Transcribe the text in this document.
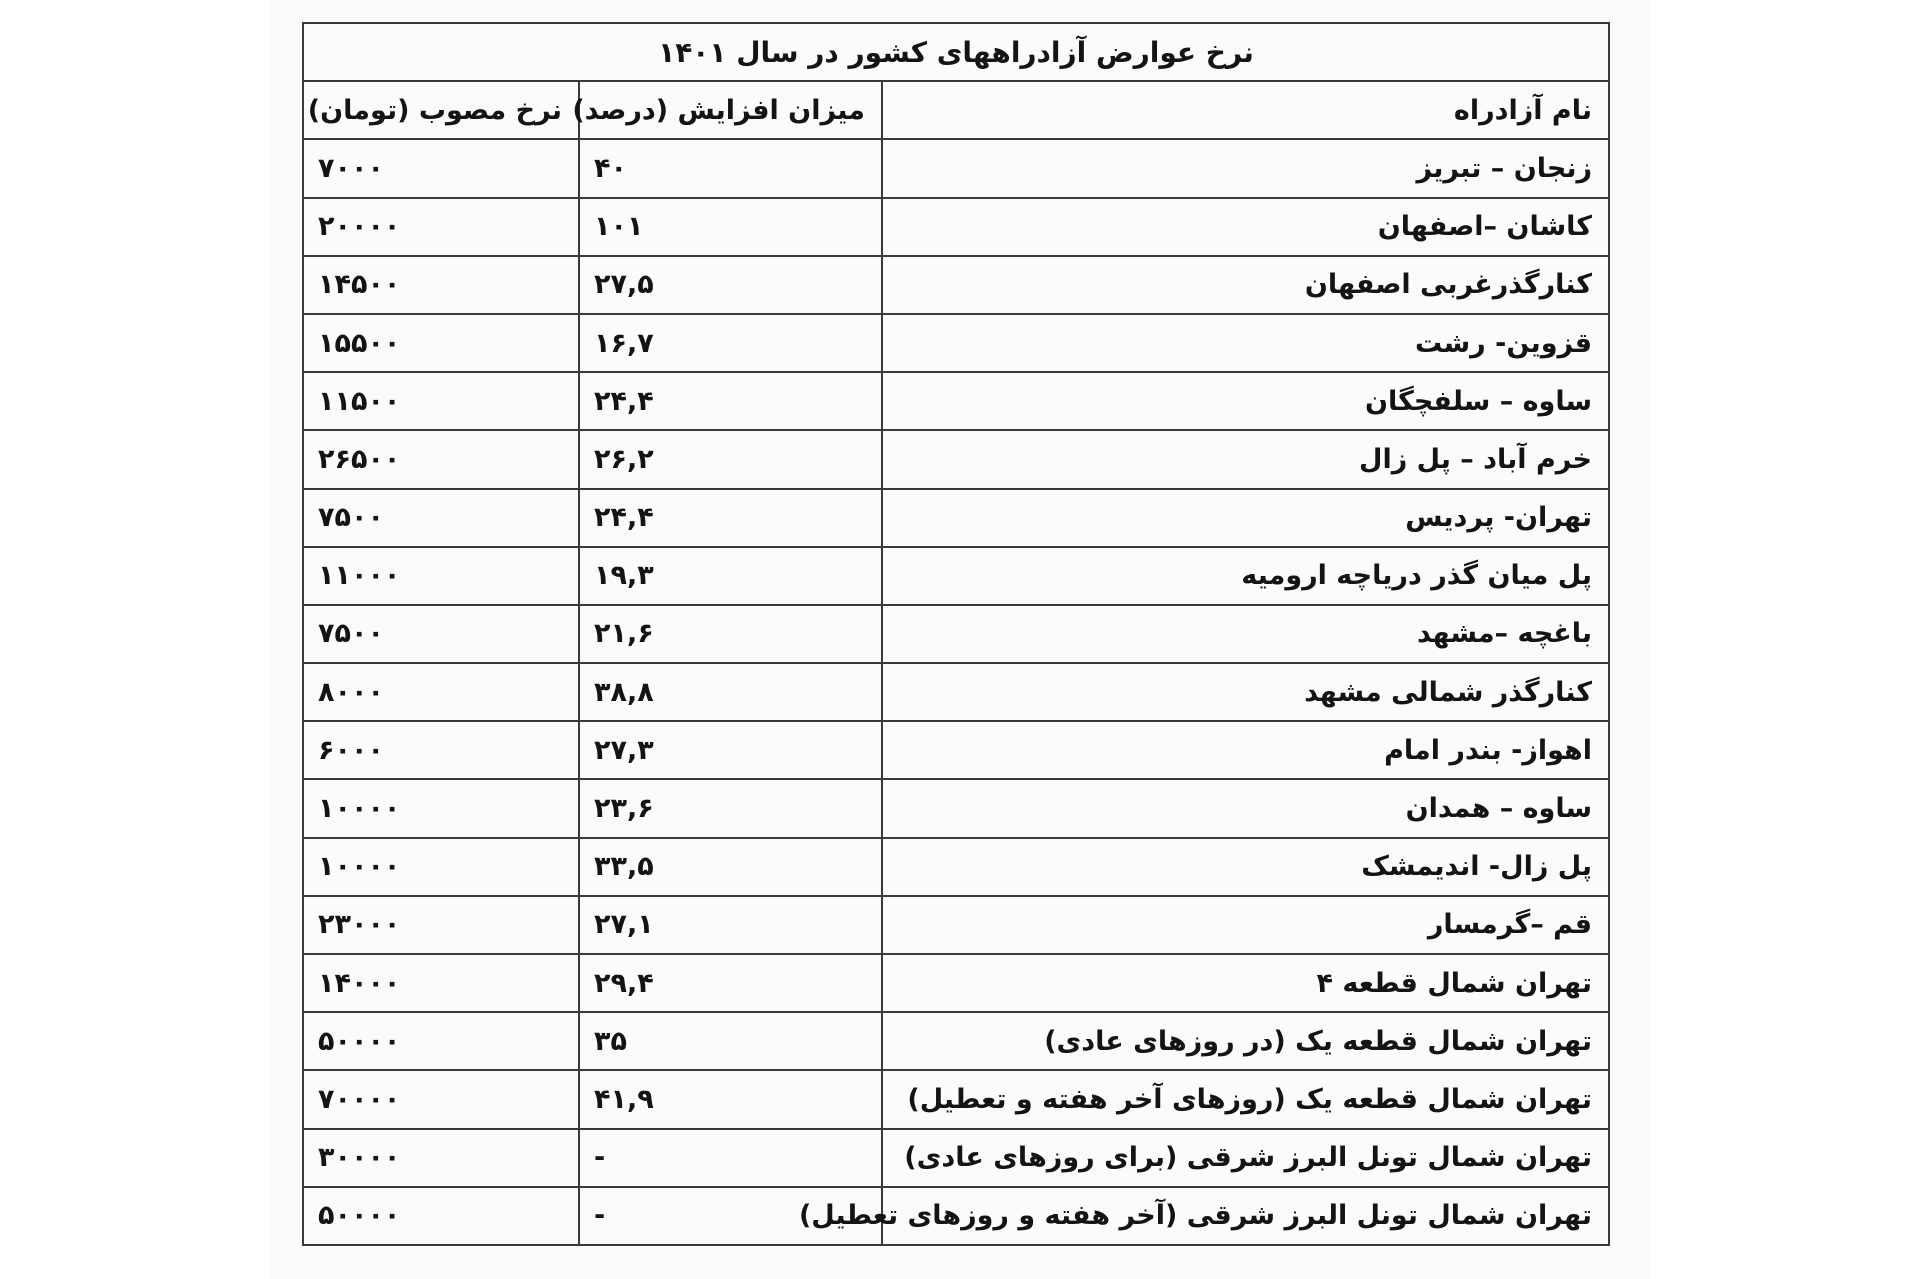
نرخ عوارض آزادراههای کشور در سال ۱۴۰۱		
نام آزادراه	میزان افزایش (درصد)	نرخ مصوب (تومان)
زنجان – تبریز	۴۰	۷۰۰۰
کاشان –اصفهان	۱۰۱	۲۰۰۰۰
کنارگذرغربی اصفهان	۲۷,۵	۱۴۵۰۰
قزوین- رشت	۱۶,۷	۱۵۵۰۰
ساوه – سلفچگان	۲۴,۴	۱۱۵۰۰
خرم آباد – پل زال	۲۶,۲	۲۶۵۰۰
تهران- پردیس	۲۴,۴	۷۵۰۰
پل میان گذر دریاچه ارومیه	۱۹,۳	۱۱۰۰۰
باغچه –مشهد	۲۱,۶	۷۵۰۰
کنارگذر شمالی مشهد	۳۸,۸	۸۰۰۰
اهواز- بندر امام	۲۷,۳	۶۰۰۰
ساوه – همدان	۲۳,۶	۱۰۰۰۰
پل زال- اندیمشک	۳۳,۵	۱۰۰۰۰
قم –گرمسار	۲۷,۱	۲۳۰۰۰
تهران شمال قطعه ۴	۲۹,۴	۱۴۰۰۰
تهران شمال قطعه یک (در روزهای عادی)	۳۵	۵۰۰۰۰
تهران شمال قطعه یک (روزهای آخر هفته و تعطیل)	۴۱,۹	۷۰۰۰۰
تهران شمال تونل البرز شرقی (برای روزهای عادی)	-	۳۰۰۰۰
تهران شمال تونل البرز شرقی (آخر هفته و روزهای تعطیل)	-	۵۰۰۰۰
